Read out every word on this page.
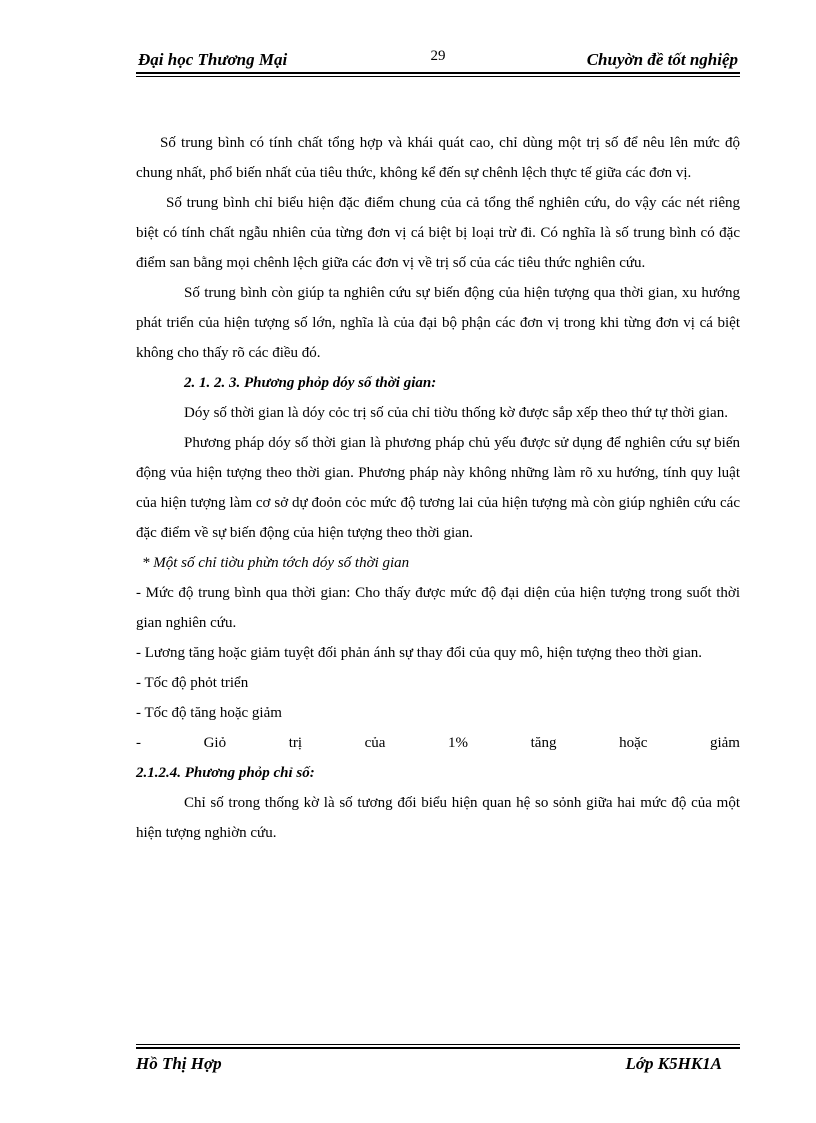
Đại học Thương Mại	29	Chuyờn đề tốt nghiệp

Số trung bình có tính chất tổng hợp và khái quát cao, chỉ dùng một trị số để nêu lên mức độ chung nhất, phổ biến nhất của tiêu thức, không kể đến sự chênh lệch thực tế giữa các đơn vị.

Số trung bình chỉ biểu hiện đặc điểm chung của cả tổng thể nghiên cứu, do vậy các nét riêng biệt có tính chất ngẫu nhiên của từng đơn vị cá biệt bị loại trừ đi. Có nghĩa là số trung bình có đặc điểm san bằng mọi chênh lệch giữa các đơn vị về trị số của các tiêu thức nghiên cứu.

Số trung bình còn giúp ta nghiên cứu sự biến động của hiện tượng qua thời gian, xu hướng phát triển của hiện tượng số lớn, nghĩa là của đại bộ phận các đơn vị trong khi từng đơn vị cá biệt không cho thấy rõ các điều đó.

2. 1. 2. 3. Phương phỏp dóy số thời gian:

Dóy số thời gian là dóy cỏc trị số của chỉ tiờu thống kờ được sắp xếp theo thứ tự thời gian.

Phương pháp dóy số thời gian là phương pháp chủ yếu được sử dụng để nghiên cứu sự biến động vủa hiện tượng theo thời gian. Phương pháp này không những làm rõ xu hướng, tính quy luật của hiện tượng làm cơ sở dự đoỏn cỏc mức độ tương lai của hiện tượng mà còn giúp nghiên cứu các đặc điểm về sự biến động của hiện tượng theo thời gian.

* Một số chỉ tiờu phừn tớch dóy số thời gian

- Mức độ trung bình qua thời gian: Cho thấy được mức độ đại diện của hiện tượng trong suốt thời gian nghiên cứu.

- Lương tăng hoặc giảm tuyệt đối phản ánh sự thay đổi của quy mô, hiện tượng theo thời gian.

- Tốc độ phỏt triển

- Tốc độ tăng hoặc giảm

-	Giỏ	trị	của	1%	tăng	hoặc	giảm

2.1.2.4. Phương phỏp chỉ số:

Chỉ số trong thống kờ là số tương đối biểu hiện quan hệ so sỏnh giữa hai mức độ của một hiện tượng nghiờn cứu.

Hồ Thị Hợp	Lớp K5HK1A
